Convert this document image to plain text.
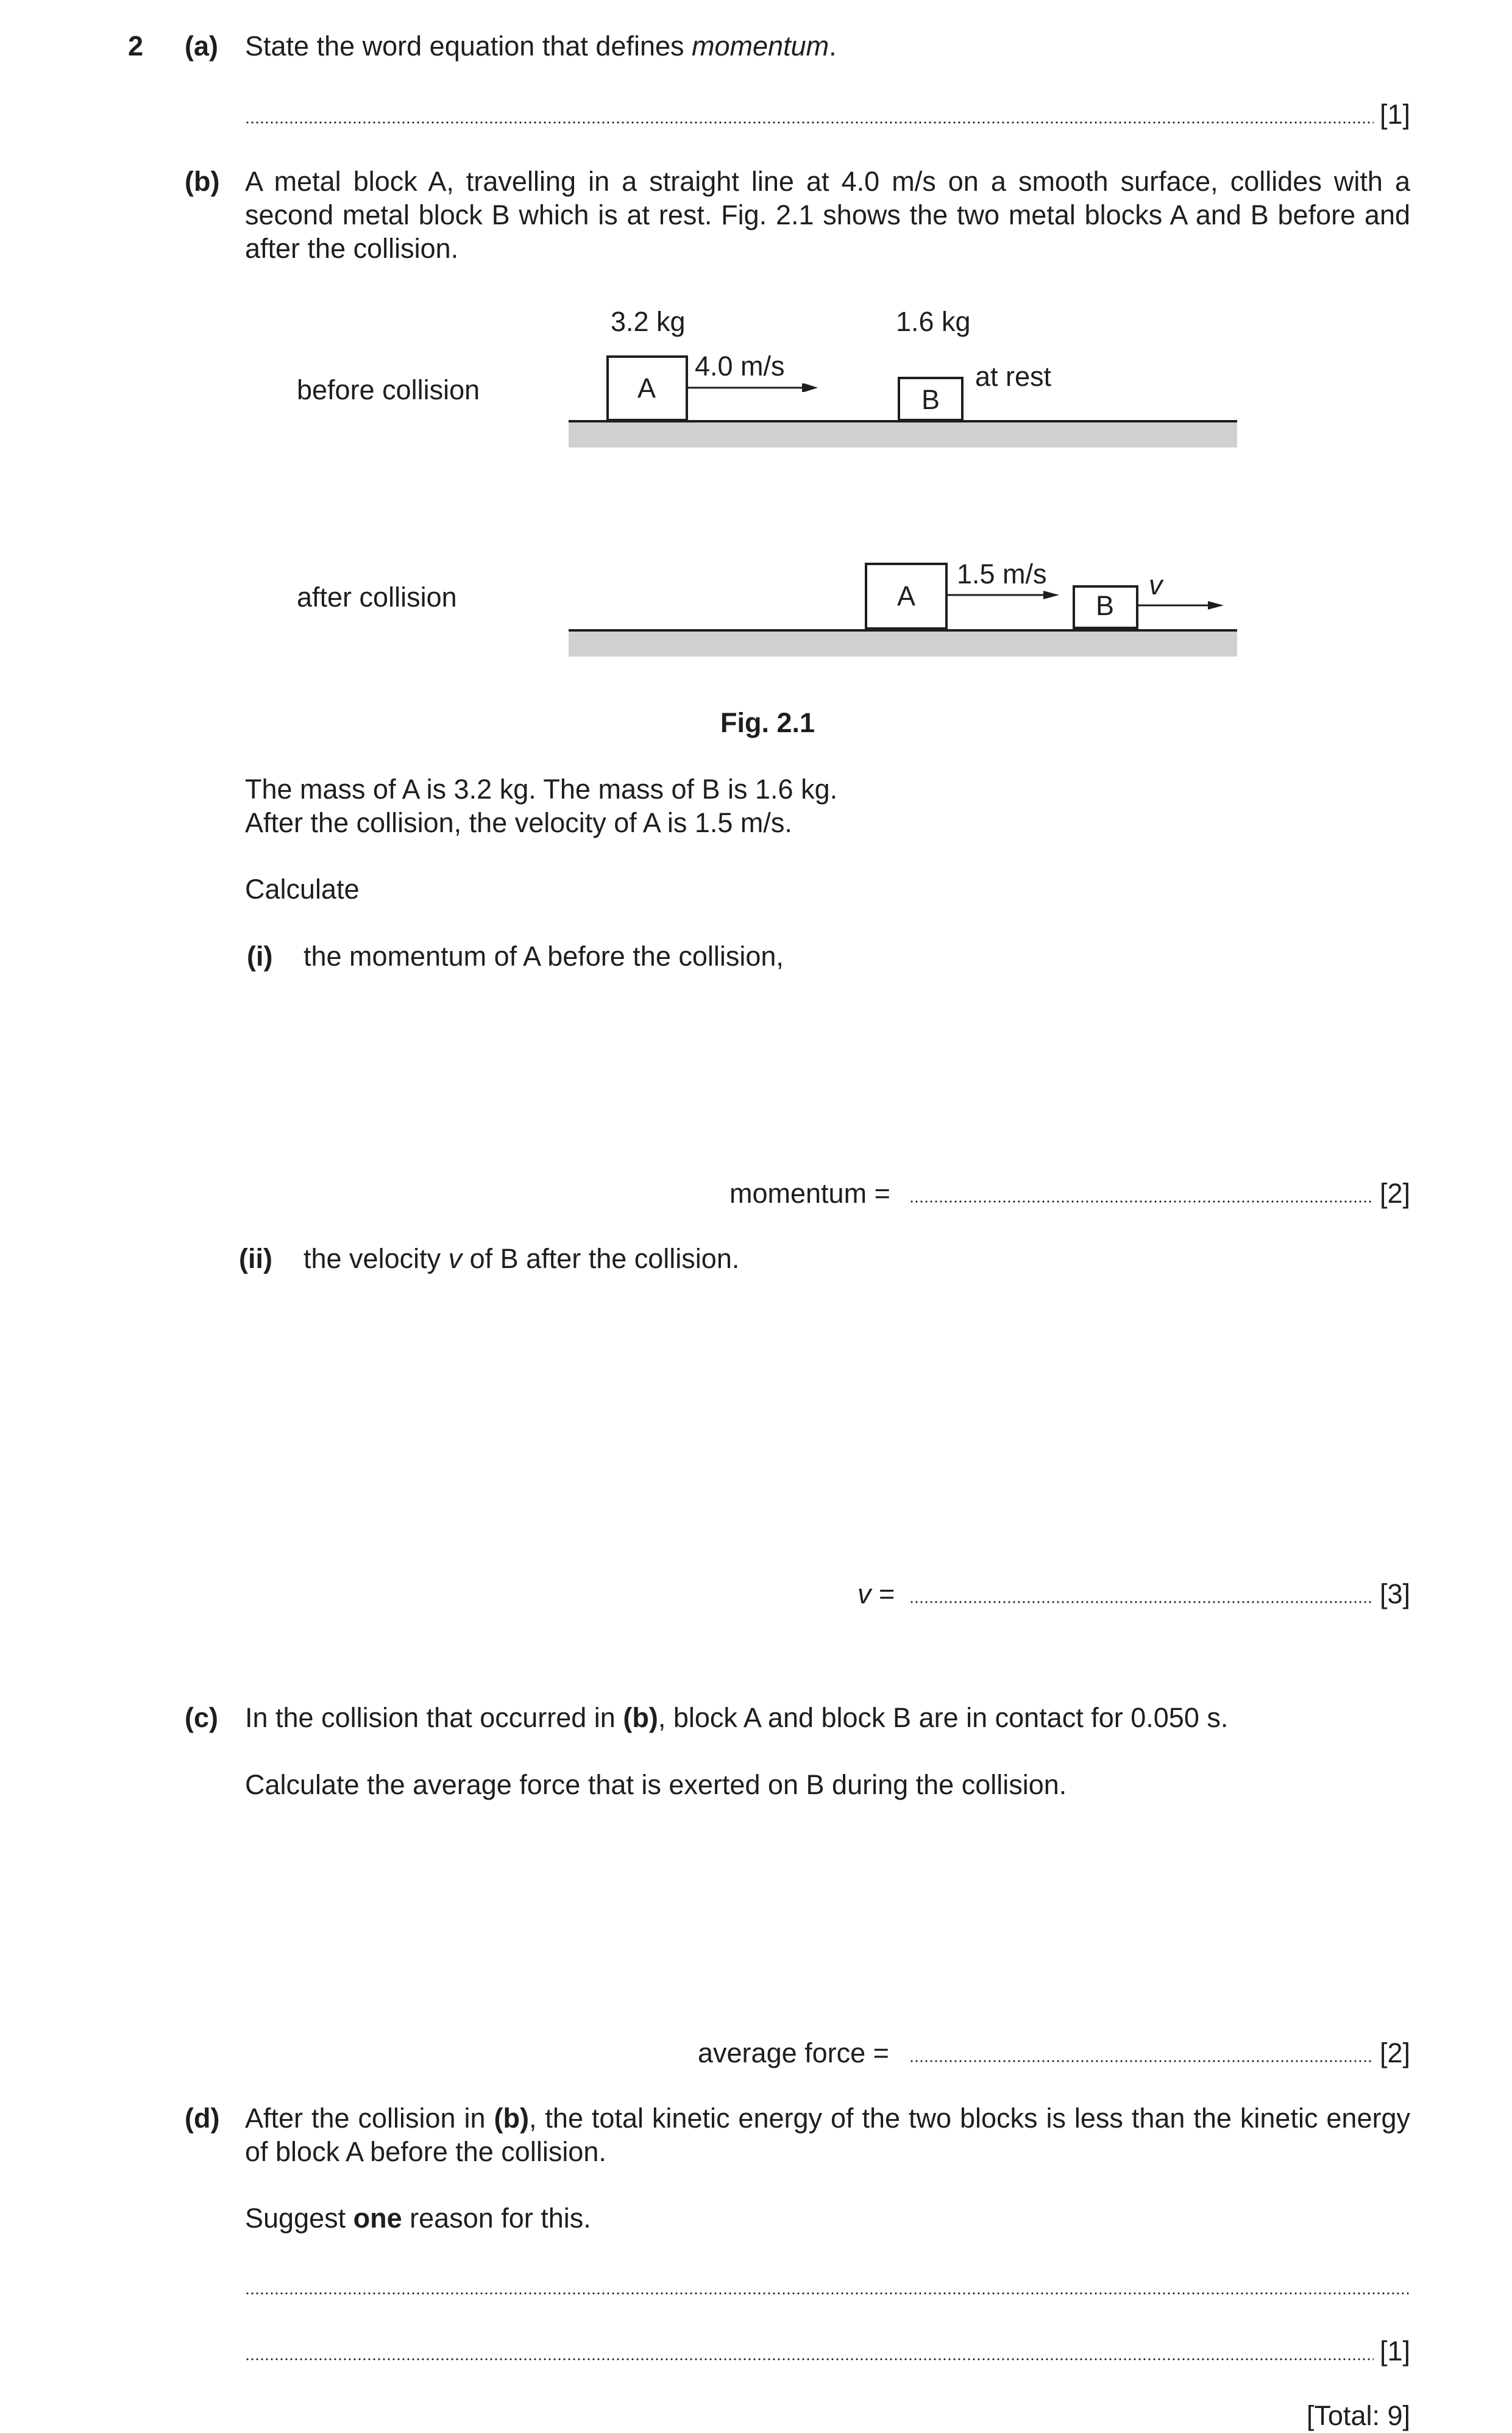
2 (a) State the word equation that defines momentum.
[1]
(b) A metal block A, travelling in a straight line at 4.0 m/s on a smooth surface, collides with a second metal block B which is at rest. Fig. 2.1 shows the two metal blocks A and B before and after the collision.
3.2 kg	1.6 kg
before collision	A
4.0 m/s
B
at rest
after collision	A
1.5 m/s
B
v
Fig. 2.1
The mass of A is 3.2 kg. The mass of B is 1.6 kg.
After the collision, the velocity of A is 1.5 m/s.
Calculate
(i) the momentum of A before the collision,
momentum =	[2]
(ii) the velocity v of B after the collision.
v =	[3]
(c) In the collision that occurred in (b), block A and block B are in contact for 0.050 s.
Calculate the average force that is exerted on B during the collision.
average force =	[2]
(d) After the collision in (b), the total kinetic energy of the two blocks is less than the kinetic energy of block A before the collision.
Suggest one reason for this.
[1]
[Total: 9]
